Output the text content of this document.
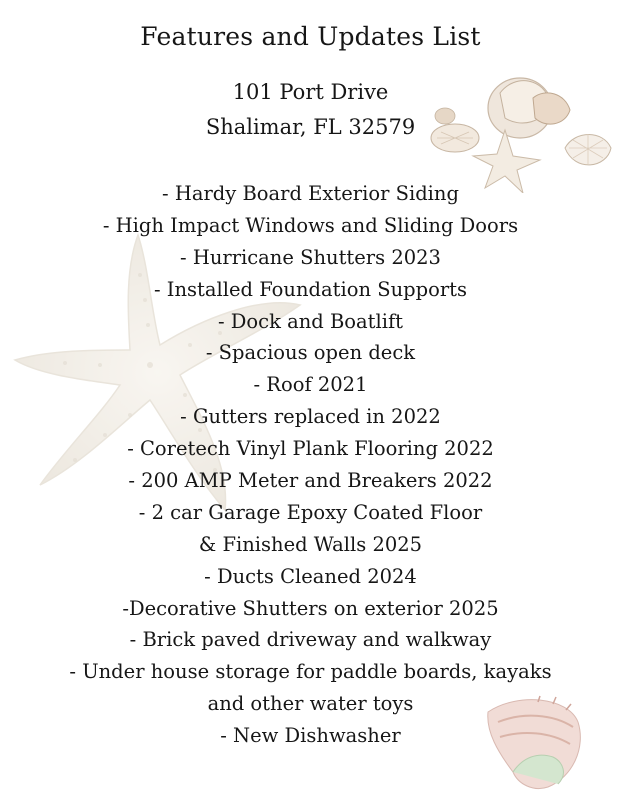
Features and Updates List
101 Port Drive
Shalimar, FL 32579
- Hardy Board Exterior Siding
- High Impact Windows and Sliding Doors
- Hurricane Shutters 2023
- Installed Foundation Supports
- Dock and Boatlift
- Spacious open deck
- Roof 2021
- Gutters replaced in 2022
- Coretech Vinyl Plank Flooring 2022
- 200 AMP Meter and Breakers 2022
- 2 car Garage Epoxy Coated Floor
& Finished Walls 2025
- Ducts Cleaned 2024
-Decorative Shutters on exterior 2025
- Brick paved driveway and walkway
- Under house storage for paddle boards, kayaks
and other water toys
- New Dishwasher
